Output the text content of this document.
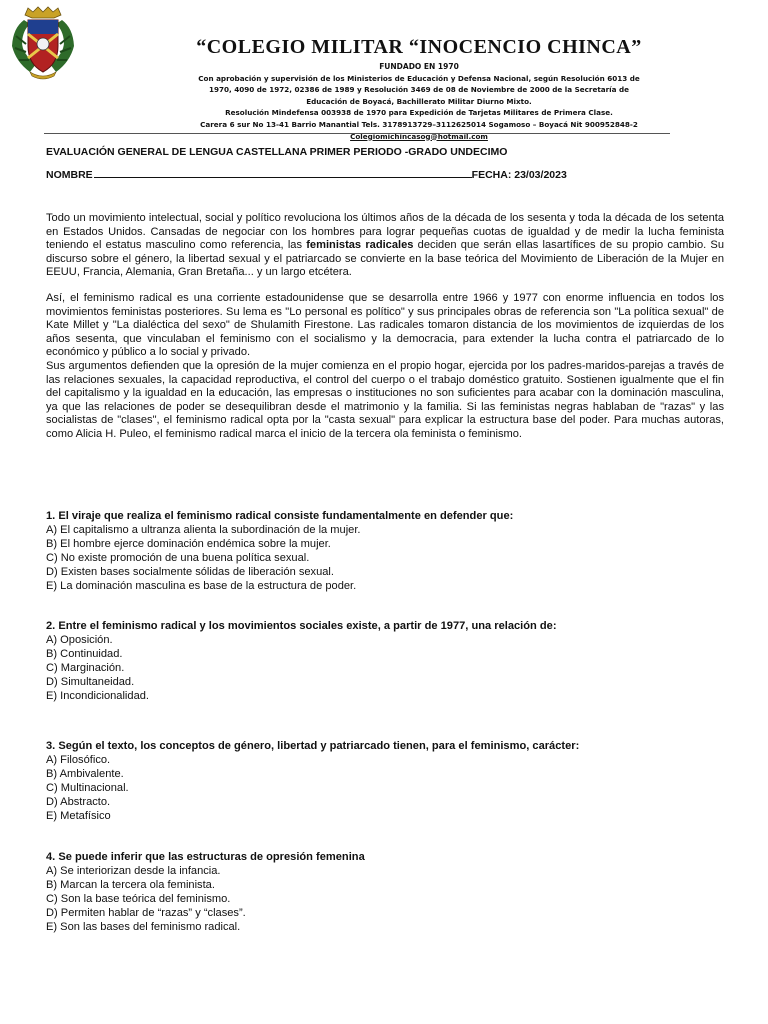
“COLEGIO MILITAR “INOCENCIO CHINCA”
FUNDADO EN 1970
Con aprobación y supervisión de los Ministerios de Educación y Defensa Nacional, según Resolución 6013 de
1970, 4090 de 1972, 02386 de 1989 y Resolución 3469 de 08 de Noviembre de 2000 de la Secretaría de
Educación de Boyacá, Bachillerato Militar Diurno Mixto.
Resolución Mindefensa 003938 de 1970 para Expedición de Tarjetas Militares de Primera Clase.
Carera 6 sur No 13-41 Barrio Manantial Tels. 3178913729–3112625014 Sogamoso – Boyacá Nit 900952848-2
Colegiomichincasog@hotmail.com
EVALUACIÓN GENERAL DE LENGUA CASTELLANA PRIMER PERIODO -GRADO UNDECIMO
NOMBRE	FECHA: 23/03/2023

Todo un movimiento intelectual, social y político revoluciona los últimos años de la década de los sesenta y toda la década de los setenta en Estados Unidos. Cansadas de negociar con los hombres para lograr pequeñas cuotas de igualdad y de medir la lucha feminista teniendo el estatus masculino como referencia, las feministas radicales deciden que serán ellas lasartífices de su propio cambio. Su discurso sobre el género, la libertad sexual y el patriarcado se convierte en la base teórica del Movimiento de Liberación de la Mujer en EEUU, Francia, Alemania, Gran Bretaña... y un largo etcétera.

Así, el feminismo radical es una corriente estadounidense que se desarrolla entre 1966 y 1977 con enorme influencia en todos los movimientos feministas posteriores. Su lema es "Lo personal es político" y sus principales obras de referencia son "La política sexual" de Kate Millet y "La dialéctica del sexo" de Shulamith Firestone. Las radicales tomaron distancia de los movimientos de izquierdas de los años sesenta, que vinculaban el feminismo con el socialismo y la democracia, para extender la lucha contra el patriarcado de lo económico y público a lo social y privado.

Sus argumentos defienden que la opresión de la mujer comienza en el propio hogar, ejercida por los padres-maridos-parejas a través de las relaciones sexuales, la capacidad reproductiva, el control del cuerpo o el trabajo doméstico gratuito. Sostienen igualmente que el fin del capitalismo y la igualdad en la educación, las empresas o instituciones no son suficientes para acabar con la dominación masculina, ya que las relaciones de poder se desequilibran desde el matrimonio y la familia. Si las feministas negras hablaban de "razas" y las socialistas de "clases", el feminismo radical opta por la "casta sexual" para explicar la estructura base del poder. Para muchas autoras, como Alicia H. Puleo, el feminismo radical marca el inicio de la tercera ola feminista o feminismo.

1. El viraje que realiza el feminismo radical consiste fundamentalmente en defender que:
A) El capitalismo a ultranza alienta la subordinación de la mujer.
B) El hombre ejerce dominación endémica sobre la mujer.
C) No existe promoción de una buena política sexual.
D) Existen bases socialmente sólidas de liberación sexual.
E) La dominación masculina es base de la estructura de poder.
2. Entre el feminismo radical y los movimientos sociales existe, a partir de 1977, una relación de:
A) Oposición.
B) Continuidad.
C) Marginación.
D) Simultaneidad.
E) Incondicionalidad.
3. Según el texto, los conceptos de género, libertad y patriarcado tienen, para el feminismo, carácter:
A) Filosófico.
B) Ambivalente.
C) Multinacional.
D) Abstracto.
E) Metafísico
4. Se puede inferir que las estructuras de opresión femenina
A) Se interiorizan desde la infancia.
B) Marcan la tercera ola feminista.
C) Son la base teórica del feminismo.
D) Permiten hablar de “razas” y “clases”.
E) Son las bases del feminismo radical.
